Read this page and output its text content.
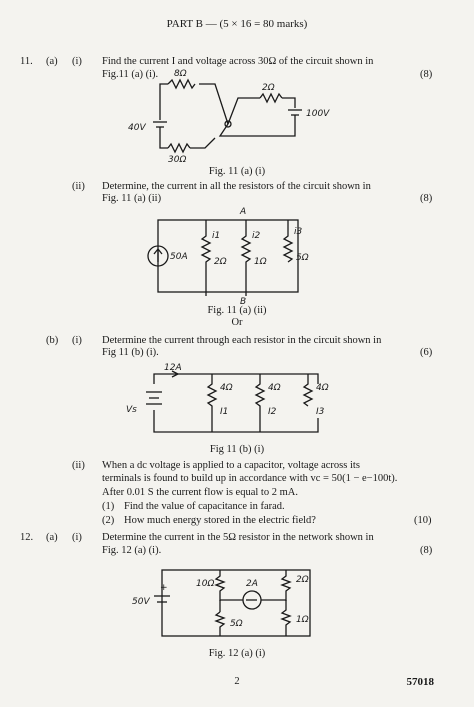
PART B — (5 × 16 = 80 marks)
11. (a) (i) Find the current I and voltage across 30Ω of the circuit shown in
Fig.11 (a) (i).	(8)
8Ω
2Ω
30Ω
40V
100V
Fig. 11 (a) (i)
(ii) Determine, the current in all the resistors of the circuit shown in
Fig. 11 (a) (ii)	(8)
A
B
50A
i1	i2	i3
2Ω	1Ω	5Ω
Fig. 11 (a) (ii)
Or
(b) (i) Determine the current through each resistor in the circuit shown in
Fig 11 (b) (i).	(6)
12A
Vs
4Ω	4Ω	4Ω
I1	I2	I3
Fig 11 (b) (i)
(ii) When a dc voltage is applied to a capacitor, voltage across its
terminals is found to build up in accordance with vc = 50(1 − e−100t).
After 0.01 S the current flow is equal to 2 mA.
(1) Find the value of capacitance in farad.
(2) How much energy stored in the electric field?	(10)
12. (a) (i) Determine the current in the 5Ω resistor in the network shown in
Fig. 12 (a) (i).	(8)
+
50V
10Ω	2A	2Ω
5Ω	1Ω
Fig. 12 (a) (i)
2	57018
